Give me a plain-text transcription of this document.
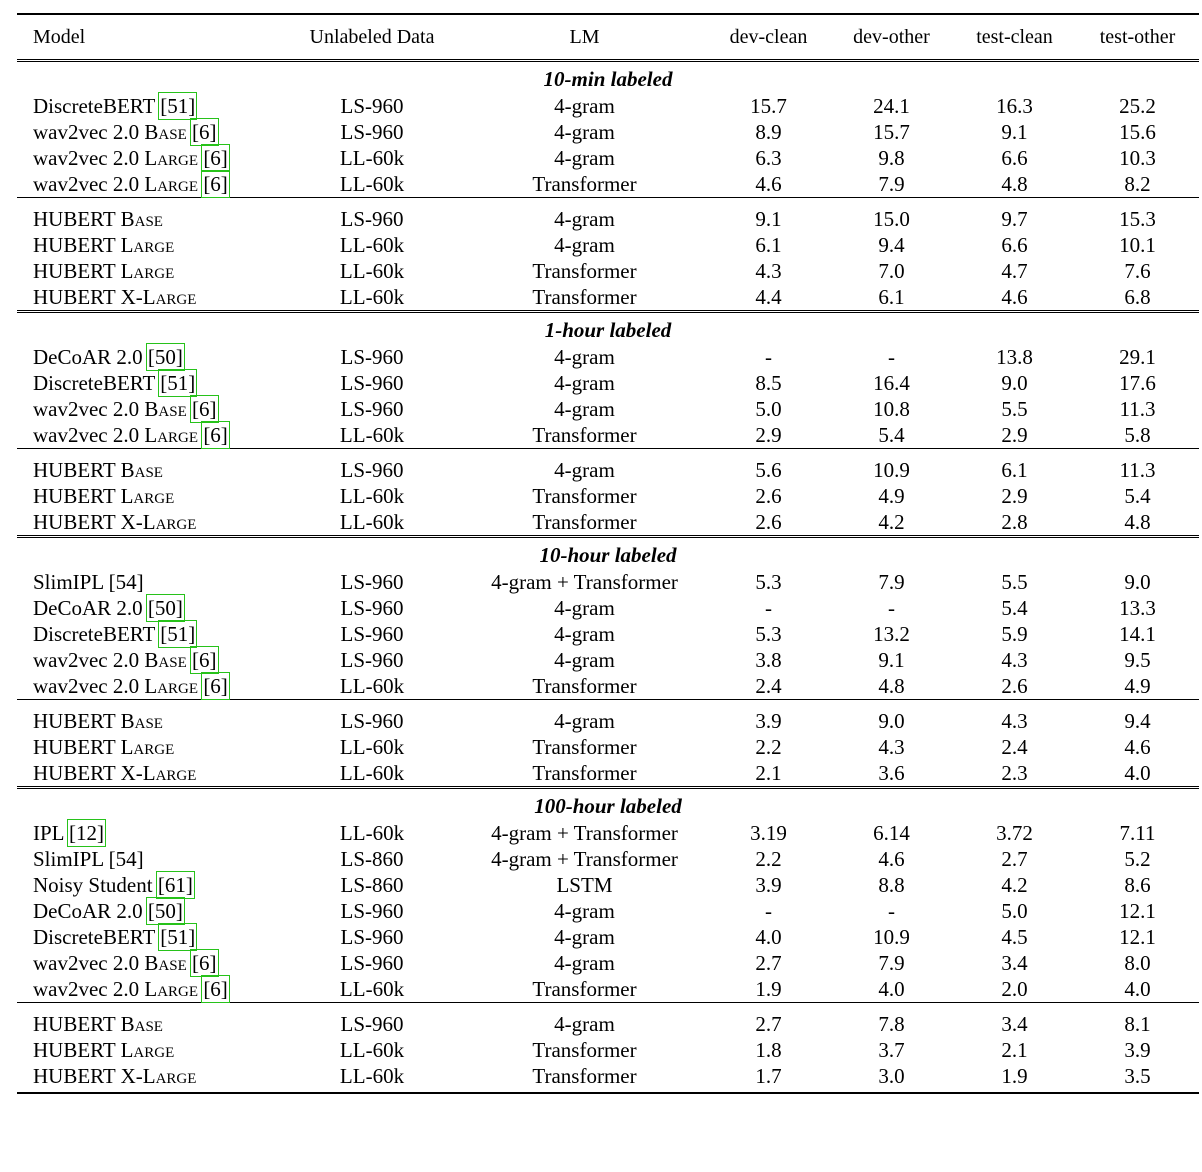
Model	Unlabeled Data	LM	dev-clean	dev-other	test-clean	test-other
10-min labeled						
DiscreteBERT [51]	LS-960	4-gram	15.7	24.1	16.3	25.2
wav2vec 2.0 Base [6]	LS-960	4-gram	8.9	15.7	9.1	15.6
wav2vec 2.0 Large [6]	LL-60k	4-gram	6.3	9.8	6.6	10.3
wav2vec 2.0 Large [6]	LL-60k	Transformer	4.6	7.9	4.8	8.2
HUBERT Base	LS-960	4-gram	9.1	15.0	9.7	15.3
HUBERT Large	LL-60k	4-gram	6.1	9.4	6.6	10.1
HUBERT Large	LL-60k	Transformer	4.3	7.0	4.7	7.6
HUBERT X-Large	LL-60k	Transformer	4.4	6.1	4.6	6.8
1-hour labeled						
DeCoAR 2.0 [50]	LS-960	4-gram	-	-	13.8	29.1
DiscreteBERT [51]	LS-960	4-gram	8.5	16.4	9.0	17.6
wav2vec 2.0 Base [6]	LS-960	4-gram	5.0	10.8	5.5	11.3
wav2vec 2.0 Large [6]	LL-60k	Transformer	2.9	5.4	2.9	5.8
HUBERT Base	LS-960	4-gram	5.6	10.9	6.1	11.3
HUBERT Large	LL-60k	Transformer	2.6	4.9	2.9	5.4
HUBERT X-Large	LL-60k	Transformer	2.6	4.2	2.8	4.8
10-hour labeled						
SlimIPL [54]	LS-960	4-gram + Transformer	5.3	7.9	5.5	9.0
DeCoAR 2.0 [50]	LS-960	4-gram	-	-	5.4	13.3
DiscreteBERT [51]	LS-960	4-gram	5.3	13.2	5.9	14.1
wav2vec 2.0 Base [6]	LS-960	4-gram	3.8	9.1	4.3	9.5
wav2vec 2.0 Large [6]	LL-60k	Transformer	2.4	4.8	2.6	4.9
HUBERT Base	LS-960	4-gram	3.9	9.0	4.3	9.4
HUBERT Large	LL-60k	Transformer	2.2	4.3	2.4	4.6
HUBERT X-Large	LL-60k	Transformer	2.1	3.6	2.3	4.0
100-hour labeled						
IPL [12]	LL-60k	4-gram + Transformer	3.19	6.14	3.72	7.11
SlimIPL [54]	LS-860	4-gram + Transformer	2.2	4.6	2.7	5.2
Noisy Student [61]	LS-860	LSTM	3.9	8.8	4.2	8.6
DeCoAR 2.0 [50]	LS-960	4-gram	-	-	5.0	12.1
DiscreteBERT [51]	LS-960	4-gram	4.0	10.9	4.5	12.1
wav2vec 2.0 Base [6]	LS-960	4-gram	2.7	7.9	3.4	8.0
wav2vec 2.0 Large [6]	LL-60k	Transformer	1.9	4.0	2.0	4.0
HUBERT Base	LS-960	4-gram	2.7	7.8	3.4	8.1
HUBERT Large	LL-60k	Transformer	1.8	3.7	2.1	3.9
HUBERT X-Large	LL-60k	Transformer	1.7	3.0	1.9	3.5
